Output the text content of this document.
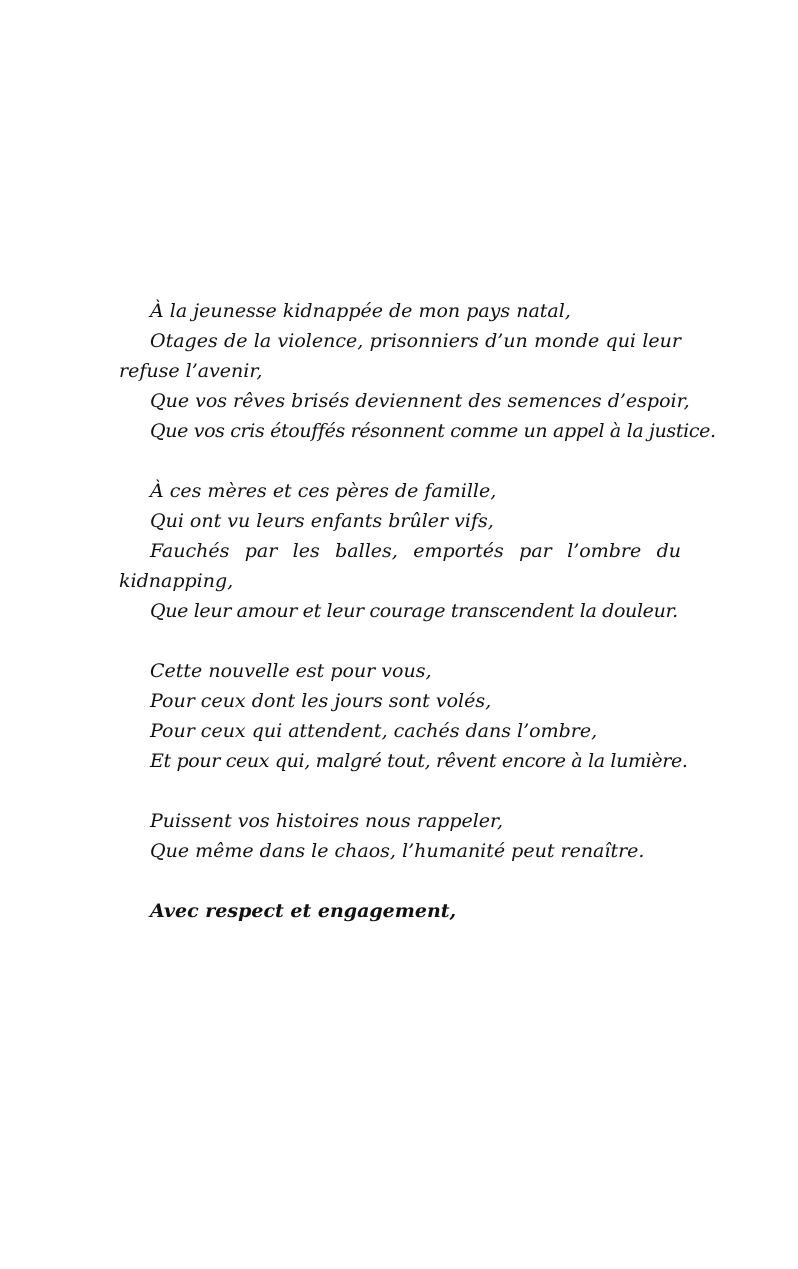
À la jeunesse kidnappée de mon pays natal,
Otages de la violence, prisonniers d’un monde qui leur refuse l’avenir,
Que vos rêves brisés deviennent des semences d’espoir,
Que vos cris étouffés résonnent comme un appel à la justice.
À ces mères et ces pères de famille,
Qui ont vu leurs enfants brûler vifs,
Fauchés par les balles, emportés par l’ombre du kidnapping,
Que leur amour et leur courage transcendent la douleur.
Cette nouvelle est pour vous,
Pour ceux dont les jours sont volés,
Pour ceux qui attendent, cachés dans l’ombre,
Et pour ceux qui, malgré tout, rêvent encore à la lumière.
Puissent vos histoires nous rappeler,
Que même dans le chaos, l’humanité peut renaître.
Avec respect et engagement,
